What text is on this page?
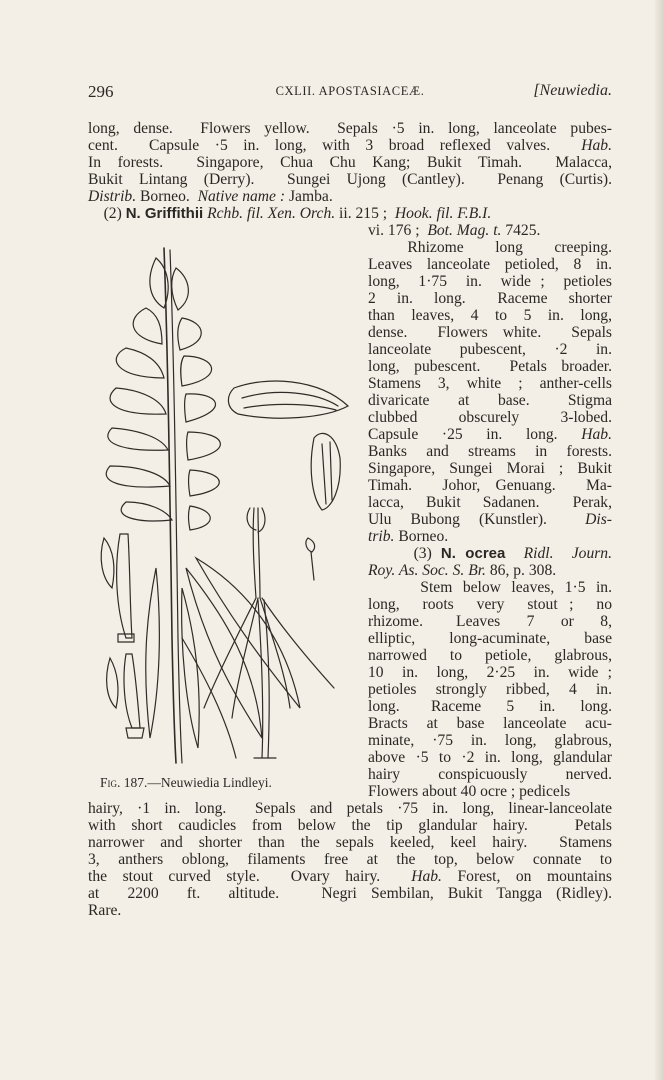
296	CXLII. APOSTASIACEÆ.	[Neuwiedia.
long, dense.  Flowers yellow.  Sepals ·5 in. long, lanceolate pubes-
cent.  Capsule ·5 in. long, with 3 broad reflexed valves.  Hab.
In forests.  Singapore, Chua Chu Kang; Bukit Timah.  Malacca,
Bukit Lintang (Derry).  Sungei Ujong (Cantley).  Penang (Curtis).
Distrib. Borneo.  Native name : Jamba.
(2) N. Griffithii Rchb. fil. Xen. Orch. ii. 215 ;  Hook. fil. F.B.I.
vi. 176 ;  Bot. Mag. t. 7425.
Rhizome    long    creeping.
Leaves lanceolate petioled, 8 in.
long,  1·75  in.  wide ;  petioles
2  in.  long.   Raceme  shorter
than  leaves,  4  to  5  in.  long,
dense.  Flowers white.  Sepals
lanceolate   pubescent,   ·2   in.
long, pubescent.  Petals broader.
Stamens 3, white ; anther-cells
divaricate   at   base.    Stigma
clubbed   obscurely   3-lobed.
Capsule  ·25  in.  long.  Hab.
Banks and streams in forests.
Singapore, Sungei Morai ; Bukit
Timah.  Johor, Genuang.  Ma-
lacca,  Bukit  Sadanen.   Perak,
Ulu Bubong (Kunstler).  Dis-
trib. Borneo.
(3) N. ocrea Ridl.  Journ.
Roy. As. Soc. S. Br. 86, p. 308.
Stem below leaves, 1·5 in.
long,  roots  very  stout ;  no
rhizome.     Leaves    7    or    8,
elliptic,  long-acuminate,  base
narrowed to petiole, glabrous,
10  in.  long,  2·25  in.  wide ;
petioles  strongly  ribbed,  4  in.
long.     Raceme    5    in.    long.
Bracts  at  base  lanceolate  acu-
minate,  ·75  in.  long,  glabrous,
above ·5 to ·2 in. long, glandular
hairy    conspicuously    nerved.
Flowers about 40 ocre ; pedicels
hairy, ·1 in. long.  Sepals and petals ·75 in. long, linear-lanceolate
with short caudicles from below the tip glandular hairy.   Petals
narrower and shorter than the sepals keeled, keel hairy.  Stamens
3, anthers oblong, filaments free at the top, below connate to
the stout curved style.  Ovary hairy.  Hab. Forest, on mountains
at  2200  ft.  altitude.   Negri Sembilan, Bukit Tangga (Ridley).
Rare.
Fig. 187.—Neuwiedia Lindleyi.
